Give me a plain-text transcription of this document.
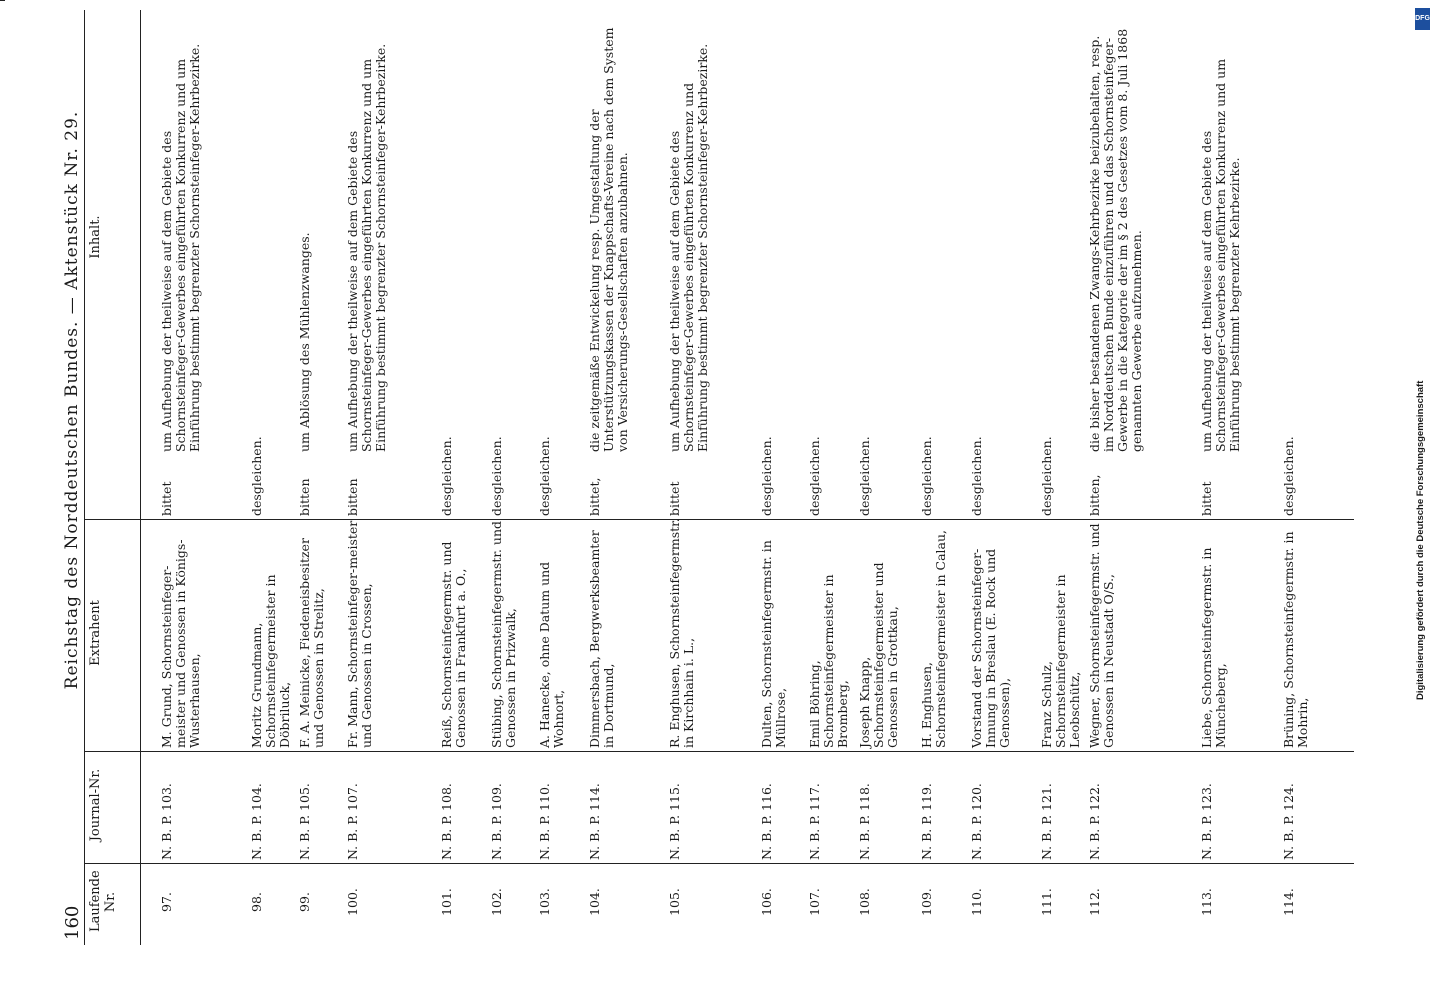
160
Reichstag des Norddeutschen Bundes. — Aktenstück Nr. 29.
Laufende Nr.
Journal-Nr.
Extrahent
Inhalt.
97.
N. B. P. 103.
M. Grund, Schornsteinfeger-meister und Genossen in Königs-Wusterhausen,
bittet
um Aufhebung der theilweise auf dem Gebiete des Schornsteinfeger-Gewerbes eingeführten Konkurrenz und um Einführung bestimmt begrenzter Schornsteinfeger-Kehrbezirke.
98.
N. B. P. 104.
Moritz Grundmann, Schornsteinfegermeister in Döbriluck,
desgleichen.
99.
N. B. P. 105.
F. A. Meinicke, Fiedeneisbesitzer und Genossen in Strelitz,
bitten
um Ablösung des Mühlenzwanges.
100.
N. B. P. 107.
Fr. Mann, Schornsteinfeger-meister und Genossen in Crossen,
bitten
um Aufhebung der theilweise auf dem Gebiete des Schornsteinfeger-Gewerbes eingeführten Konkurrenz und um Einführung bestimmt begrenzter Schornsteinfeger-Kehrbezirke.
101.
N. B. P. 108.
Reiß, Schornsteinfegermstr. und Genossen in Frankfurt a. O.,
desgleichen.
102.
N. B. P. 109.
Stübing, Schornsteinfegermstr. und Genossen in Prizwalk,
desgleichen.
103.
N. B. P. 110.
A. Hanecke, ohne Datum und Wohnort,
desgleichen.
104.
N. B. P. 114.
Dimmersbach, Bergwerksbeamter in Dortmund,
bittet,
die zeitgemäße Entwickelung resp. Umgestaltung der Unterstützungskassen der Knappschafts-Vereine nach dem System von Versicherungs-Gesellschaften anzubahnen.
105.
N. B. P. 115.
R. Enghusen, Schornsteinfegermstr. in Kirchhain i. L.,
bittet
um Aufhebung der theilweise auf dem Gebiete des Schornsteinfeger-Gewerbes eingeführten Konkurrenz und Einführung bestimmt begrenzter Schornsteinfeger-Kehrbezirke.
106.
N. B. P. 116.
Dulten, Schornsteinfegermstr. in Müllrose,
desgleichen.
107.
N. B. P. 117.
Emil Böhring, Schornsteinfegermeister in Bromberg,
desgleichen.
108.
N. B. P. 118.
Joseph Knapp, Schornsteinfegermeister und Genossen in Grottkau,
desgleichen.
109.
N. B. P. 119.
H. Enghusen, Schornsteinfegermeister in Calau,
desgleichen.
110.
N. B. P. 120.
Vorstand der Schornsteinfeger-Innung in Breslau (E. Rock und Genossen),
desgleichen.
111.
N. B. P. 121.
Franz Schulz, Schornsteinfegermeister in Leobschütz,
desgleichen.
112.
N. B. P. 122.
Wegner, Schornsteinfegermstr. und Genossen in Neustadt O/S.,
bitten,
die bisher bestandenen Zwangs-Kehrbezirke beizubehalten, resp. im Norddeutschen Bunde einzuführen und das Schornsteinfeger-Gewerbe in die Kategorie der im § 2 des Gesetzes vom 8. Juli 1868 genannten Gewerbe aufzunehmen.
113.
N. B. P. 123.
Liebe, Schornsteinfegermstr. in Müncheberg,
bittet
um Aufhebung der theilweise auf dem Gebiete des Schornsteinfeger-Gewerbes eingeführten Konkurrenz und um Einführung bestimmt begrenzter Kehrbezirke.
114.
N. B. P. 124.
Brüning, Schornsteinfegermstr. in Mohrin,
desgleichen.
DFG
Digitalisierung gefördert durch die Deutsche Forschungsgemeinschaft
